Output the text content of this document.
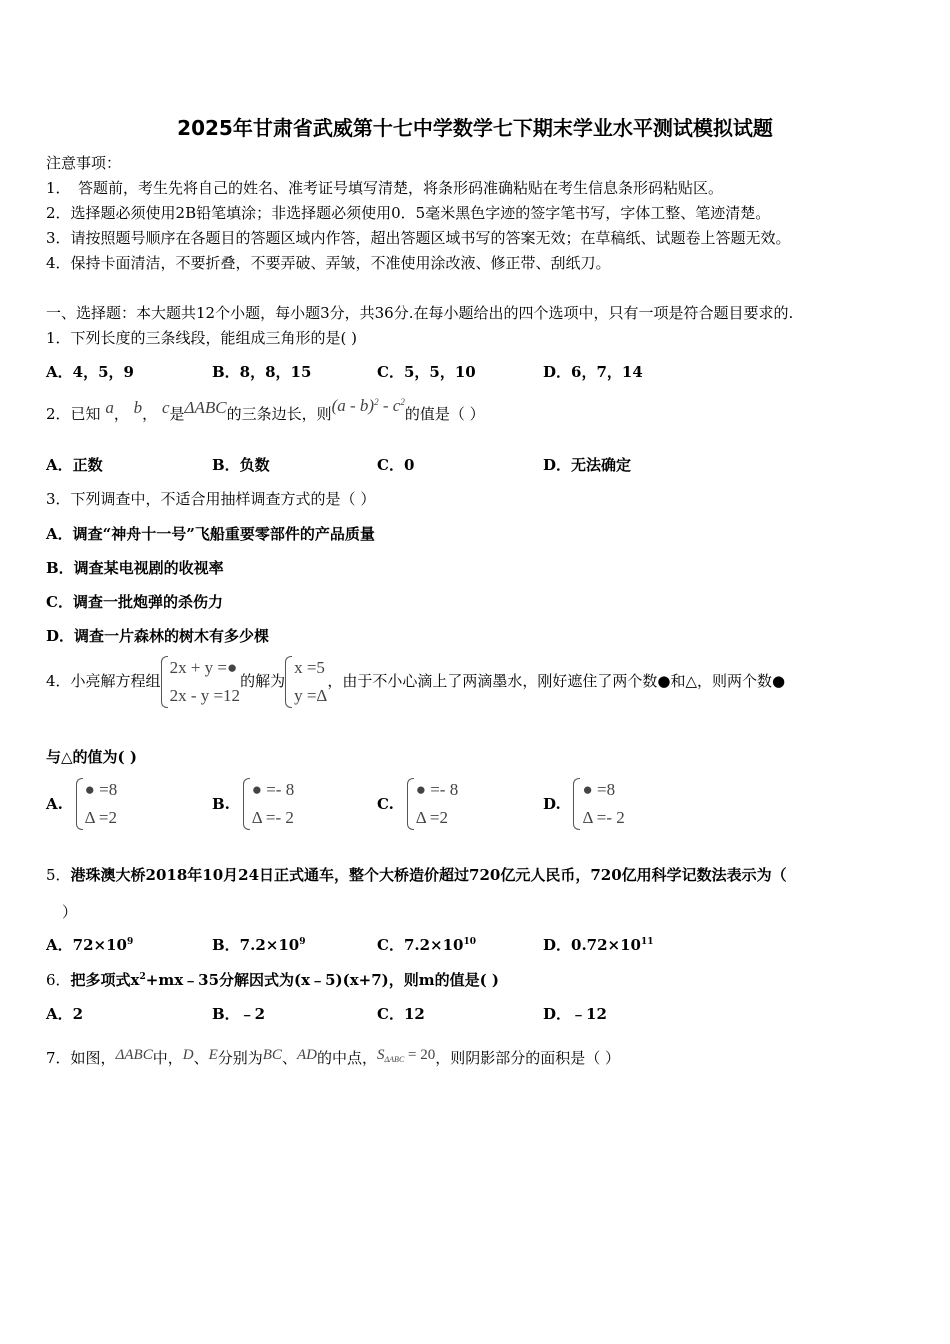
2025年甘肃省武威第十七中学数学七下期末学业水平测试模拟试题
注意事项：
1．　答题前，考生先将自己的姓名、准考证号填写清楚，将条形码准确粘贴在考生信息条形码粘贴区。
2．选择题必须使用2B铅笔填涂；非选择题必须使用0．5毫米黑色字迹的签字笔书写，字体工整、笔迹清楚。
3．请按照题号顺序在各题目的答题区域内作答，超出答题区域书写的答案无效；在草稿纸、试题卷上答题无效。
4．保持卡面清洁，不要折叠，不要弄破、弄皱，不准使用涂改液、修正带、刮纸刀。
一、选择题：本大题共12个小题，每小题3分，共36分.在每小题给出的四个选项中，只有一项是符合题目要求的.
1．下列长度的三条线段，能组成三角形的是( )
A．4，5，9	B．8，8，15	C．5，5，10	D．6，7，14
2．已知 a， b， c是ΔABC的三条边长，则$(a - b)^2 - c^2$的值是（ ）
A．正数	B．负数	C．0	D．无法确定
3．下列调查中，不适合用抽样调查方式的是（ ）
A．调查“神舟十一号”飞船重要零部件的产品质量
B．调查某电视剧的收视率
C．调查一批炮弹的杀伤力
D．调查一片森林的树木有多少棵
4．小亮解方程组
2x + y =●
2x - y =12
的解为
x =5
y =Δ
，由于不小心滴上了两滴墨水，刚好遮住了两个数●和△，则两个数●
与△的值为( )
A.
● =8
Δ =2
B.
● =- 8
Δ =- 2
C.
● =- 8
Δ =2
D.
● =8
Δ =- 2
5．港珠澳大桥2018年10月24日正式通车，整个大桥造价超过720亿元人民币，720亿用科学记数法表示为（
）
A．$72\times 10^9$	B．$7.2\times 10^9$	C．$7.2\times 10^{10}$	D．$0.72\times 10^{11}$
6．把多项式$x^2+mx﹣35$分解因式为(x﹣5)(x+7)，则m的值是( )
A．2	B．﹣2	C．12	D．﹣12
7．如图，ΔABC中，D、E分别为BC、AD的中点，$S_{\Delta ABC} = 20$，则阴影部分的面积是（ ）
